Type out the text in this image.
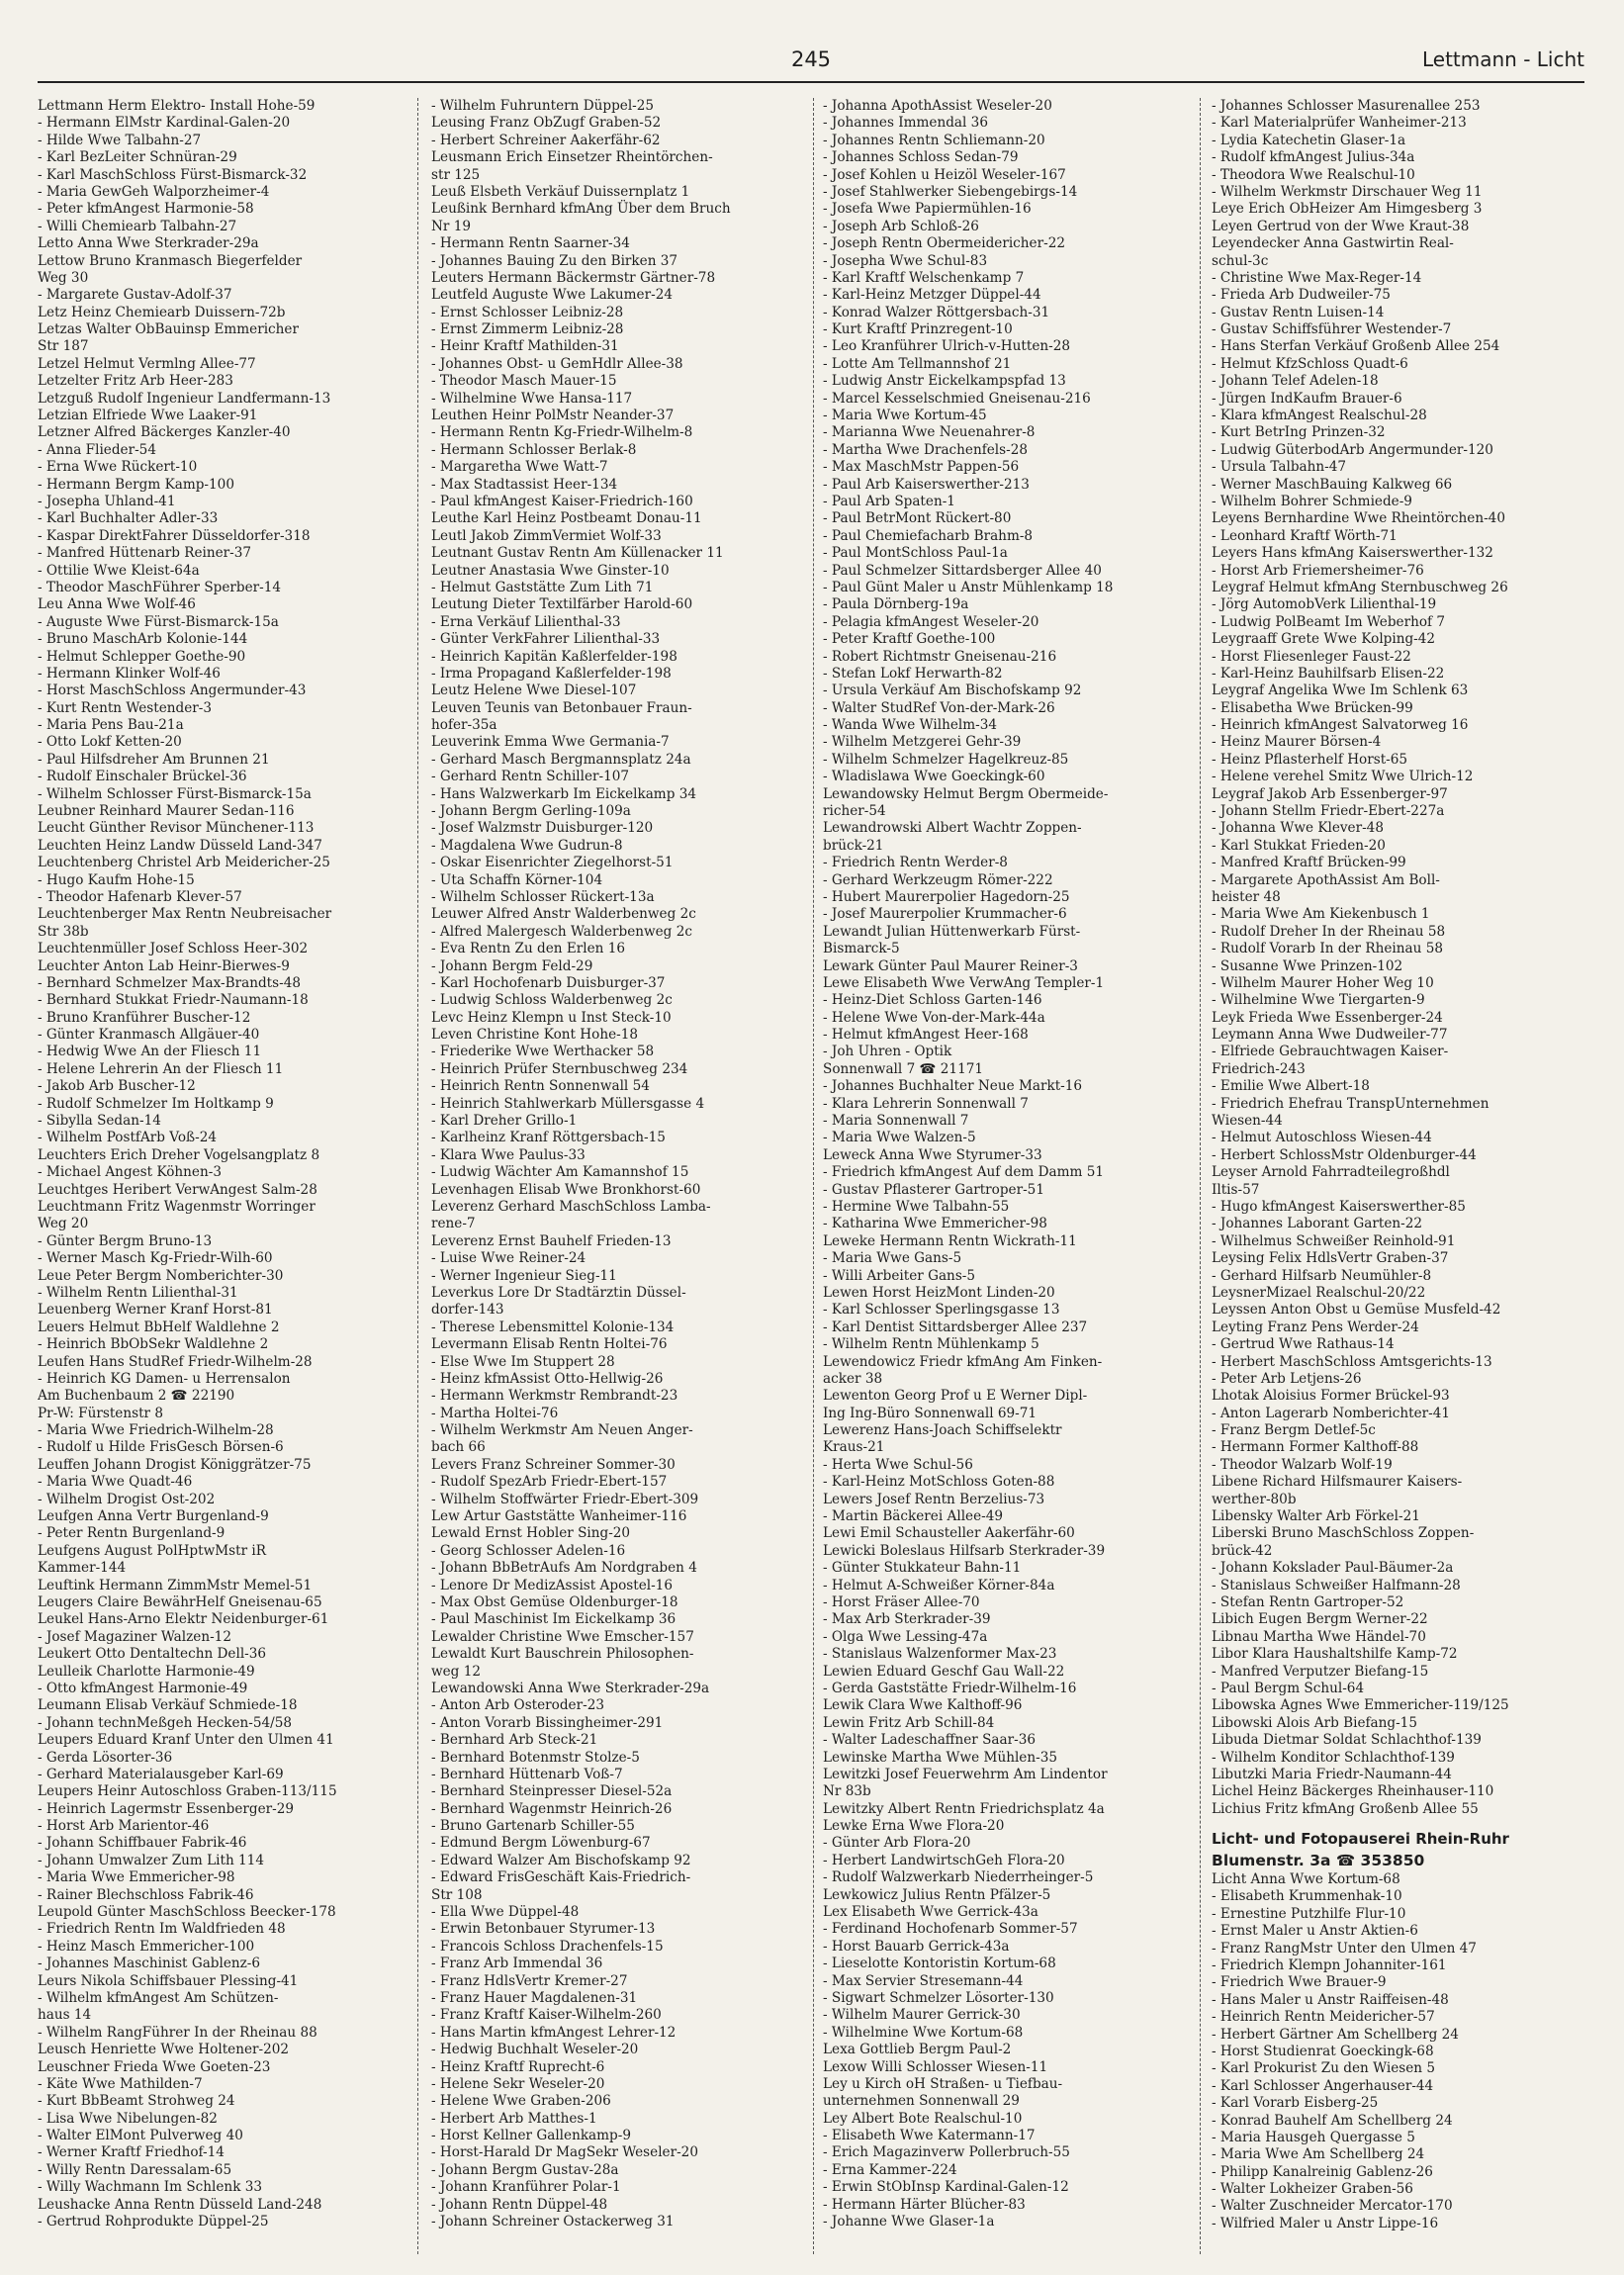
245	Lettmann - Licht
Lettmann Herm Elektro- Install Hohe-59
- Hermann ElMstr Kardinal-Galen-20
- Hilde Wwe Talbahn-27
- Karl BezLeiter Schnüran-29
- Karl MaschSchloss Fürst-Bismarck-32
- Maria GewGeh Walporzheimer-4
- Peter kfmAngest Harmonie-58
- Willi Chemiearb Talbahn-27
Letto Anna Wwe Sterkrader-29a
Lettow Bruno Kranmasch Biegerfelder
Weg 30
- Margarete Gustav-Adolf-37
Letz Heinz Chemiearb Duissern-72b
Letzas Walter ObBauinsp Emmericher
Str 187
Letzel Helmut Vermlng Allee-77
Letzelter Fritz Arb Heer-283
Letzguß Rudolf Ingenieur Landfermann-13
Letzian Elfriede Wwe Laaker-91
Letzner Alfred Bäckerges Kanzler-40
- Anna Flieder-54
- Erna Wwe Rückert-10
- Hermann Bergm Kamp-100
- Josepha Uhland-41
- Karl Buchhalter Adler-33
- Kaspar DirektFahrer Düsseldorfer-318
- Manfred Hüttenarb Reiner-37
- Ottilie Wwe Kleist-64a
- Theodor MaschFührer Sperber-14
Leu Anna Wwe Wolf-46
- Auguste Wwe Fürst-Bismarck-15a
- Bruno MaschArb Kolonie-144
- Helmut Schlepper Goethe-90
- Hermann Klinker Wolf-46
- Horst MaschSchloss Angermunder-43
- Kurt Rentn Westender-3
- Maria Pens Bau-21a
- Otto Lokf Ketten-20
- Paul Hilfsdreher Am Brunnen 21
- Rudolf Einschaler Brückel-36
- Wilhelm Schlosser Fürst-Bismarck-15a
Leubner Reinhard Maurer Sedan-116
Leucht Günther Revisor Münchener-113
Leuchten Heinz Landw Düsseld Land-347
Leuchtenberg Christel Arb Meidericher-25
- Hugo Kaufm Hohe-15
- Theodor Hafenarb Klever-57
Leuchtenberger Max Rentn Neubreisacher
Str 38b
Leuchtenmüller Josef Schloss Heer-302
Leuchter Anton Lab Heinr-Bierwes-9
- Bernhard Schmelzer Max-Brandts-48
- Bernhard Stukkat Friedr-Naumann-18
- Bruno Kranführer Buscher-12
- Günter Kranmasch Allgäuer-40
- Hedwig Wwe An der Fliesch 11
- Helene Lehrerin An der Fliesch 11
- Jakob Arb Buscher-12
- Rudolf Schmelzer Im Holtkamp 9
- Sibylla Sedan-14
- Wilhelm PostfArb Voß-24
Leuchters Erich Dreher Vogelsangplatz 8
- Michael Angest Köhnen-3
Leuchtges Heribert VerwAngest Salm-28
Leuchtmann Fritz Wagenmstr Worringer
Weg 20
- Günter Bergm Bruno-13
- Werner Masch Kg-Friedr-Wilh-60
Leue Peter Bergm Nomberichter-30
- Wilhelm Rentn Lilienthal-31
Leuenberg Werner Kranf Horst-81
Leuers Helmut BbHelf Waldlehne 2
- Heinrich BbObSekr Waldlehne 2
Leufen Hans StudRef Friedr-Wilhelm-28
- Heinrich KG Damen- u Herrensalon
Am Buchenbaum 2 ☎ 22190
Pr-W: Fürstenstr 8
- Maria Wwe Friedrich-Wilhelm-28
- Rudolf u Hilde FrisGesch Börsen-6
Leuffen Johann Drogist Königgrätzer-75
- Maria Wwe Quadt-46
- Wilhelm Drogist Ost-202
Leufgen Anna Vertr Burgenland-9
- Peter Rentn Burgenland-9
Leufgens August PolHptwMstr iR
Kammer-144
Leuftink Hermann ZimmMstr Memel-51
Leugers Claire BewährHelf Gneisenau-65
Leukel Hans-Arno Elektr Neidenburger-61
- Josef Magaziner Walzen-12
Leukert Otto Dentaltechn Dell-36
Leulleik Charlotte Harmonie-49
- Otto kfmAngest Harmonie-49
Leumann Elisab Verkäuf Schmiede-18
- Johann technMeßgeh Hecken-54/58
Leupers Eduard Kranf Unter den Ulmen 41
- Gerda Lösorter-36
- Gerhard Materialausgeber Karl-69
Leupers Heinr Autoschloss Graben-113/115
- Heinrich Lagermstr Essenberger-29
- Horst Arb Marientor-46
- Johann Schiffbauer Fabrik-46
- Johann Umwalzer Zum Lith 114
- Maria Wwe Emmericher-98
- Rainer Blechschloss Fabrik-46
Leupold Günter MaschSchloss Beecker-178
- Friedrich Rentn Im Waldfrieden 48
- Heinz Masch Emmericher-100
- Johannes Maschinist Gablenz-6
Leurs Nikola Schiffsbauer Plessing-41
- Wilhelm kfmAngest Am Schützen-
haus 14
- Wilhelm RangFührer In der Rheinau 88
Leusch Henriette Wwe Holtener-202
Leuschner Frieda Wwe Goeten-23
- Käte Wwe Mathilden-7
- Kurt BbBeamt Strohweg 24
- Lisa Wwe Nibelungen-82
- Walter ElMont Pulverweg 40
- Werner Kraftf Friedhof-14
- Willy Rentn Daressalam-65
- Willy Wachmann Im Schlenk 33
Leushacke Anna Rentn Düsseld Land-248
- Gertrud Rohprodukte Düppel-25
- Wilhelm Fuhruntern Düppel-25
Leusing Franz ObZugf Graben-52
- Herbert Schreiner Aakerfähr-62
Leusmann Erich Einsetzer Rheintörchen-
str 125
Leuß Elsbeth Verkäuf Duissernplatz 1
Leußink Bernhard kfmAng Über dem Bruch
Nr 19
- Hermann Rentn Saarner-34
- Johannes Bauing Zu den Birken 37
Leuters Hermann Bäckermstr Gärtner-78
Leutfeld Auguste Wwe Lakumer-24
- Ernst Schlosser Leibniz-28
- Ernst Zimmerm Leibniz-28
- Heinr Kraftf Mathilden-31
- Johannes Obst- u GemHdlr Allee-38
- Theodor Masch Mauer-15
- Wilhelmine Wwe Hansa-117
Leuthen Heinr PolMstr Neander-37
- Hermann Rentn Kg-Friedr-Wilhelm-8
- Hermann Schlosser Berlak-8
- Margaretha Wwe Watt-7
- Max Stadtassist Heer-134
- Paul kfmAngest Kaiser-Friedrich-160
Leuthe Karl Heinz Postbeamt Donau-11
Leutl Jakob ZimmVermiet Wolf-33
Leutnant Gustav Rentn Am Küllenacker 11
Leutner Anastasia Wwe Ginster-10
- Helmut Gaststätte Zum Lith 71
Leutung Dieter Textilfärber Harold-60
- Erna Verkäuf Lilienthal-33
- Günter VerkFahrer Lilienthal-33
- Heinrich Kapitän Kaßlerfelder-198
- Irma Propagand Kaßlerfelder-198
Leutz Helene Wwe Diesel-107
Leuven Teunis van Betonbauer Fraun-
hofer-35a
Leuverink Emma Wwe Germania-7
- Gerhard Masch Bergmannsplatz 24a
- Gerhard Rentn Schiller-107
- Hans Walzwerkarb Im Eickelkamp 34
- Johann Bergm Gerling-109a
- Josef Walzmstr Duisburger-120
- Magdalena Wwe Gudrun-8
- Oskar Eisenrichter Ziegelhorst-51
- Uta Schaffn Körner-104
- Wilhelm Schlosser Rückert-13a
Leuwer Alfred Anstr Walderbenweg 2c
- Alfred Malergesch Walderbenweg 2c
- Eva Rentn Zu den Erlen 16
- Johann Bergm Feld-29
- Karl Hochofenarb Duisburger-37
- Ludwig Schloss Walderbenweg 2c
Levc Heinz Klempn u Inst Steck-10
Leven Christine Kont Hohe-18
- Friederike Wwe Werthacker 58
- Heinrich Prüfer Sternbuschweg 234
- Heinrich Rentn Sonnenwall 54
- Heinrich Stahlwerkarb Müllersgasse 4
- Karl Dreher Grillo-1
- Karlheinz Kranf Röttgersbach-15
- Klara Wwe Paulus-33
- Ludwig Wächter Am Kamannshof 15
Levenhagen Elisab Wwe Bronkhorst-60
Leverenz Gerhard MaschSchloss Lamba-
rene-7
Leverenz Ernst Bauhelf Frieden-13
- Luise Wwe Reiner-24
- Werner Ingenieur Sieg-11
Leverkus Lore Dr Stadtärztin Düssel-
dorfer-143
- Therese Lebensmittel Kolonie-134
Levermann Elisab Rentn Holtei-76
- Else Wwe Im Stuppert 28
- Heinz kfmAssist Otto-Hellwig-26
- Hermann Werkmstr Rembrandt-23
- Martha Holtei-76
- Wilhelm Werkmstr Am Neuen Anger-
bach 66
Levers Franz Schreiner Sommer-30
- Rudolf SpezArb Friedr-Ebert-157
- Wilhelm Stoffwärter Friedr-Ebert-309
Lew Artur Gaststätte Wanheimer-116
Lewald Ernst Hobler Sing-20
- Georg Schlosser Adelen-16
- Johann BbBetrAufs Am Nordgraben 4
- Lenore Dr MedizAssist Apostel-16
- Max Obst Gemüse Oldenburger-18
- Paul Maschinist Im Eickelkamp 36
Lewalder Christine Wwe Emscher-157
Lewaldt Kurt Bauschrein Philosophen-
weg 12
Lewandowski Anna Wwe Sterkrader-29a
- Anton Arb Osteroder-23
- Anton Vorarb Bissingheimer-291
- Bernhard Arb Steck-21
- Bernhard Botenmstr Stolze-5
- Bernhard Hüttenarb Voß-7
- Bernhard Steinpresser Diesel-52a
- Bernhard Wagenmstr Heinrich-26
- Bruno Gartenarb Schiller-55
- Edmund Bergm Löwenburg-67
- Edward Walzer Am Bischofskamp 92
- Edward FrisGeschäft Kais-Friedrich-
Str 108
- Ella Wwe Düppel-48
- Erwin Betonbauer Styrumer-13
- Francois Schloss Drachenfels-15
- Franz Arb Immendal 36
- Franz HdlsVertr Kremer-27
- Franz Hauer Magdalenen-31
- Franz Kraftf Kaiser-Wilhelm-260
- Hans Martin kfmAngest Lehrer-12
- Hedwig Buchhalt Weseler-20
- Heinz Kraftf Ruprecht-6
- Helene Sekr Weseler-20
- Helene Wwe Graben-206
- Herbert Arb Matthes-1
- Horst Kellner Gallenkamp-9
- Horst-Harald Dr MagSekr Weseler-20
- Johann Bergm Gustav-28a
- Johann Kranführer Polar-1
- Johann Rentn Düppel-48
- Johann Schreiner Ostackerweg 31
- Johanna ApothAssist Weseler-20
- Johannes Immendal 36
- Johannes Rentn Schliemann-20
- Johannes Schloss Sedan-79
- Josef Kohlen u Heizöl Weseler-167
- Josef Stahlwerker Siebengebirgs-14
- Josefa Wwe Papiermühlen-16
- Joseph Arb Schloß-26
- Joseph Rentn Obermeidericher-22
- Josepha Wwe Schul-83
- Karl Kraftf Welschenkamp 7
- Karl-Heinz Metzger Düppel-44
- Konrad Walzer Röttgersbach-31
- Kurt Kraftf Prinzregent-10
- Leo Kranführer Ulrich-v-Hutten-28
- Lotte Am Tellmannshof 21
- Ludwig Anstr Eickelkampspfad 13
- Marcel Kesselschmied Gneisenau-216
- Maria Wwe Kortum-45
- Marianna Wwe Neuenahrer-8
- Martha Wwe Drachenfels-28
- Max MaschMstr Pappen-56
- Paul Arb Kaiserswerther-213
- Paul Arb Spaten-1
- Paul BetrMont Rückert-80
- Paul Chemiefacharb Brahm-8
- Paul MontSchloss Paul-1a
- Paul Schmelzer Sittardsberger Allee 40
- Paul Günt Maler u Anstr Mühlenkamp 18
- Paula Dörnberg-19a
- Pelagia kfmAngest Weseler-20
- Peter Kraftf Goethe-100
- Robert Richtmstr Gneisenau-216
- Stefan Lokf Herwarth-82
- Ursula Verkäuf Am Bischofskamp 92
- Walter StudRef Von-der-Mark-26
- Wanda Wwe Wilhelm-34
- Wilhelm Metzgerei Gehr-39
- Wilhelm Schmelzer Hagelkreuz-85
- Wladislawa Wwe Goeckingk-60
Lewandowsky Helmut Bergm Obermeide-
richer-54
Lewandrowski Albert Wachtr Zoppen-
brück-21
- Friedrich Rentn Werder-8
- Gerhard Werkzeugm Römer-222
- Hubert Maurerpolier Hagedorn-25
- Josef Maurerpolier Krummacher-6
Lewandt Julian Hüttenwerkarb Fürst-
Bismarck-5
Lewark Günter Paul Maurer Reiner-3
Lewe Elisabeth Wwe VerwAng Templer-1
- Heinz-Diet Schloss Garten-146
- Helene Wwe Von-der-Mark-44a
- Helmut kfmAngest Heer-168
- Joh Uhren - Optik
Sonnenwall 7 ☎ 21171
- Johannes Buchhalter Neue Markt-16
- Klara Lehrerin Sonnenwall 7
- Maria Sonnenwall 7
- Maria Wwe Walzen-5
Leweck Anna Wwe Styrumer-33
- Friedrich kfmAngest Auf dem Damm 51
- Gustav Pflasterer Gartroper-51
- Hermine Wwe Talbahn-55
- Katharina Wwe Emmericher-98
Leweke Hermann Rentn Wickrath-11
- Maria Wwe Gans-5
- Willi Arbeiter Gans-5
Lewen Horst HeizMont Linden-20
- Karl Schlosser Sperlingsgasse 13
- Karl Dentist Sittardsberger Allee 237
- Wilhelm Rentn Mühlenkamp 5
Lewendowicz Friedr kfmAng Am Finken-
acker 38
Lewenton Georg Prof u E Werner Dipl-
Ing Ing-Büro Sonnenwall 69-71
Lewerenz Hans-Joach Schiffselektr
Kraus-21
- Herta Wwe Schul-56
- Karl-Heinz MotSchloss Goten-88
Lewers Josef Rentn Berzelius-73
- Martin Bäckerei Allee-49
Lewi Emil Schausteller Aakerfähr-60
Lewicki Boleslaus Hilfsarb Sterkrader-39
- Günter Stukkateur Bahn-11
- Helmut A-Schweißer Körner-84a
- Horst Fräser Allee-70
- Max Arb Sterkrader-39
- Olga Wwe Lessing-47a
- Stanislaus Walzenformer Max-23
Lewien Eduard Geschf Gau Wall-22
- Gerda Gaststätte Friedr-Wilhelm-16
Lewik Clara Wwe Kalthoff-96
Lewin Fritz Arb Schill-84
- Walter Ladeschaffner Saar-36
Lewinske Martha Wwe Mühlen-35
Lewitzki Josef Feuerwehrm Am Lindentor
Nr 83b
Lewitzky Albert Rentn Friedrichsplatz 4a
Lewke Erna Wwe Flora-20
- Günter Arb Flora-20
- Herbert LandwirtschGeh Flora-20
- Rudolf Walzwerkarb Niederrheinger-5
Lewkowicz Julius Rentn Pfälzer-5
Lex Elisabeth Wwe Gerrick-43a
- Ferdinand Hochofenarb Sommer-57
- Horst Bauarb Gerrick-43a
- Lieselotte Kontoristin Kortum-68
- Max Servier Stresemann-44
- Sigwart Schmelzer Lösorter-130
- Wilhelm Maurer Gerrick-30
- Wilhelmine Wwe Kortum-68
Lexa Gottlieb Bergm Paul-2
Lexow Willi Schlosser Wiesen-11
Ley u Kirch oH Straßen- u Tiefbau-
unternehmen Sonnenwall 29
Ley Albert Bote Realschul-10
- Elisabeth Wwe Katermann-17
- Erich Magazinverw Pollerbruch-55
- Erna Kammer-224
- Erwin StObInsp Kardinal-Galen-12
- Hermann Härter Blücher-83
- Johanne Wwe Glaser-1a
- Johannes Schlosser Masurenallee 253
- Karl Materialprüfer Wanheimer-213
- Lydia Katechetin Glaser-1a
- Rudolf kfmAngest Julius-34a
- Theodora Wwe Realschul-10
- Wilhelm Werkmstr Dirschauer Weg 11
Leye Erich ObHeizer Am Himgesberg 3
Leyen Gertrud von der Wwe Kraut-38
Leyendecker Anna Gastwirtin Real-
schul-3c
- Christine Wwe Max-Reger-14
- Frieda Arb Dudweiler-75
- Gustav Rentn Luisen-14
- Gustav Schiffsführer Westender-7
- Hans Sterfan Verkäuf Großenb Allee 254
- Helmut KfzSchloss Quadt-6
- Johann Telef Adelen-18
- Jürgen IndKaufm Brauer-6
- Klara kfmAngest Realschul-28
- Kurt BetrIng Prinzen-32
- Ludwig GüterbodArb Angermunder-120
- Ursula Talbahn-47
- Werner MaschBauing Kalkweg 66
- Wilhelm Bohrer Schmiede-9
Leyens Bernhardine Wwe Rheintörchen-40
- Leonhard Kraftf Wörth-71
Leyers Hans kfmAng Kaiserswerther-132
- Horst Arb Friemersheimer-76
Leygraf Helmut kfmAng Sternbuschweg 26
- Jörg AutomobVerk Lilienthal-19
- Ludwig PolBeamt Im Weberhof 7
Leygraaff Grete Wwe Kolping-42
- Horst Fliesenleger Faust-22
- Karl-Heinz Bauhilfsarb Elisen-22
Leygraf Angelika Wwe Im Schlenk 63
- Elisabetha Wwe Brücken-99
- Heinrich kfmAngest Salvatorweg 16
- Heinz Maurer Börsen-4
- Heinz Pflasterhelf Horst-65
- Helene verehel Smitz Wwe Ulrich-12
Leygraf Jakob Arb Essenberger-97
- Johann Stellm Friedr-Ebert-227a
- Johanna Wwe Klever-48
- Karl Stukkat Frieden-20
- Manfred Kraftf Brücken-99
- Margarete ApothAssist Am Boll-
heister 48
- Maria Wwe Am Kiekenbusch 1
- Rudolf Dreher In der Rheinau 58
- Rudolf Vorarb In der Rheinau 58
- Susanne Wwe Prinzen-102
- Wilhelm Maurer Hoher Weg 10
- Wilhelmine Wwe Tiergarten-9
Leyk Frieda Wwe Essenberger-24
Leymann Anna Wwe Dudweiler-77
- Elfriede Gebrauchtwagen Kaiser-
Friedrich-243
- Emilie Wwe Albert-18
- Friedrich Ehefrau TranspUnternehmen
Wiesen-44
- Helmut Autoschloss Wiesen-44
- Herbert SchlossMstr Oldenburger-44
Leyser Arnold Fahrradteilegroßhdl
Iltis-57
- Hugo kfmAngest Kaiserswerther-85
- Johannes Laborant Garten-22
- Wilhelmus Schweißer Reinhold-91
Leysing Felix HdlsVertr Graben-37
- Gerhard Hilfsarb Neumühler-8
LeysnerMizael Realschul-20/22
Leyssen Anton Obst u Gemüse Musfeld-42
Leyting Franz Pens Werder-24
- Gertrud Wwe Rathaus-14
- Herbert MaschSchloss Amtsgerichts-13
- Peter Arb Letjens-26
Lhotak Aloisius Former Brückel-93
- Anton Lagerarb Nomberichter-41
- Franz Bergm Detlef-5c
- Hermann Former Kalthoff-88
- Theodor Walzarb Wolf-19
Libene Richard Hilfsmaurer Kaisers-
werther-80b
Libensky Walter Arb Förkel-21
Liberski Bruno MaschSchloss Zoppen-
brück-42
- Johann Kokslader Paul-Bäumer-2a
- Stanislaus Schweißer Halfmann-28
- Stefan Rentn Gartroper-52
Libich Eugen Bergm Werner-22
Libnau Martha Wwe Händel-70
Libor Klara Haushaltshilfe Kamp-72
- Manfred Verputzer Biefang-15
- Paul Bergm Schul-64
Libowska Agnes Wwe Emmericher-119/125
Libowski Alois Arb Biefang-15
Libuda Dietmar Soldat Schlachthof-139
- Wilhelm Konditor Schlachthof-139
Libutzki Maria Friedr-Naumann-44
Lichel Heinz Bäckerges Rheinhauser-110
Lichius Fritz kfmAng Großenb Allee 55
Licht- und Fotopauserei Rhein-Ruhr
Blumenstr. 3a ☎ 353850
Licht Anna Wwe Kortum-68
- Elisabeth Krummenhak-10
- Ernestine Putzhilfe Flur-10
- Ernst Maler u Anstr Aktien-6
- Franz RangMstr Unter den Ulmen 47
- Friedrich Klempn Johanniter-161
- Friedrich Wwe Brauer-9
- Hans Maler u Anstr Raiffeisen-48
- Heinrich Rentn Meidericher-57
- Herbert Gärtner Am Schellberg 24
- Horst Studienrat Goeckingk-68
- Karl Prokurist Zu den Wiesen 5
- Karl Schlosser Angerhauser-44
- Karl Vorarb Eisberg-25
- Konrad Bauhelf Am Schellberg 24
- Maria Hausgeh Quergasse 5
- Maria Wwe Am Schellberg 24
- Philipp Kanalreinig Gablenz-26
- Walter Lokheizer Graben-56
- Walter Zuschneider Mercator-170
- Wilfried Maler u Anstr Lippe-16
